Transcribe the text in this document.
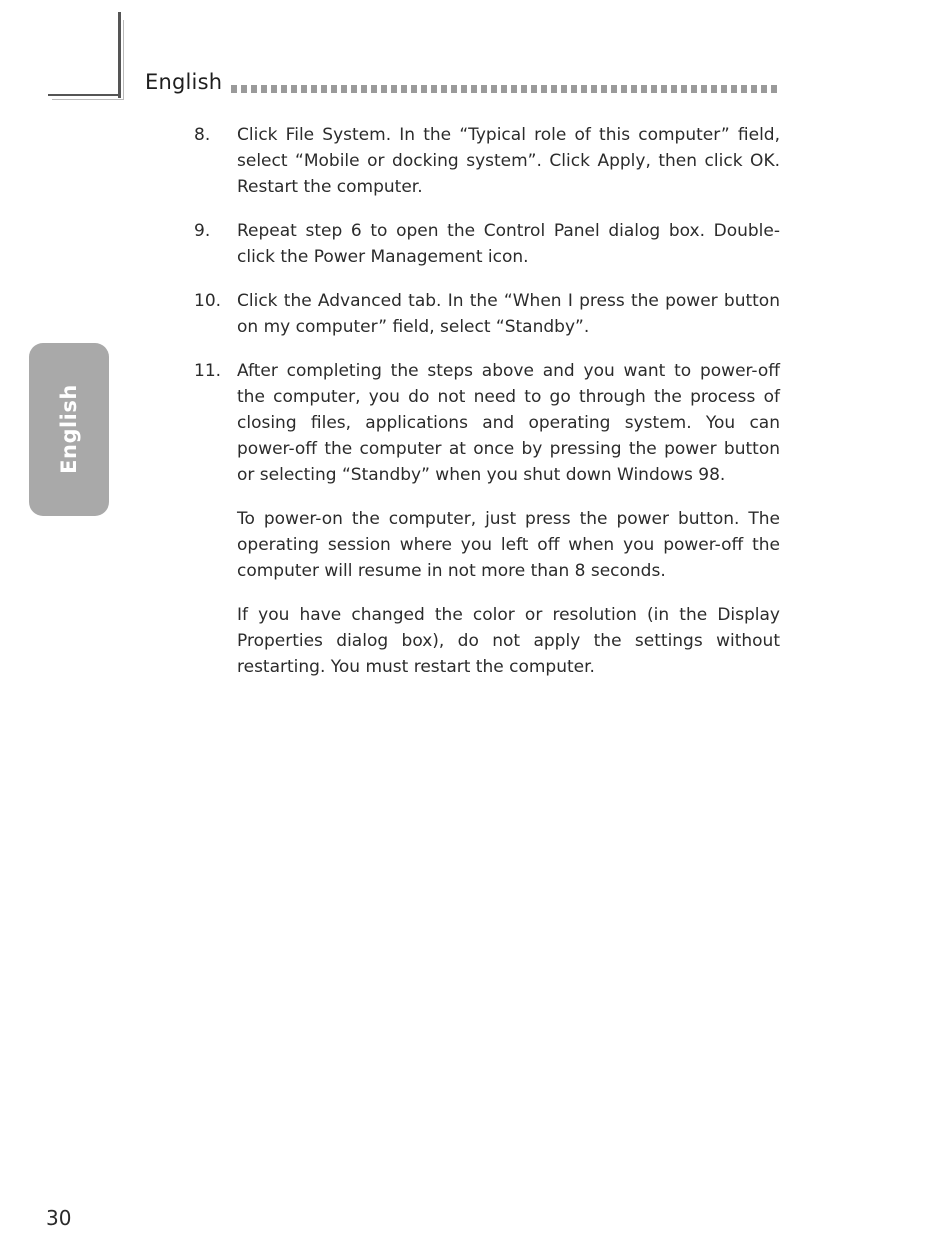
English
English
8.	Click File System. In the “Typical role of this computer” field, select “Mobile or docking system”. Click Apply, then click OK. Restart the computer.
9.	Repeat step 6 to open the Control Panel dialog box. Double-click the Power Management icon.
10. Click the Advanced tab. In the “When I press the power button on my computer” field, select “Standby”.
11. After completing the steps above and you want to power-off the computer, you do not need to go through the process of closing files, applications and operating system. You can power-off the computer at once by pressing the power button or selecting “Standby” when you shut down Windows 98.

To power-on the computer, just press the power button. The operating session where you left off when you power-off the computer will resume in not more than 8 seconds.

If you have changed the color or resolution (in the Display Properties dialog box), do not apply the settings without restarting. You must restart the computer.

30
